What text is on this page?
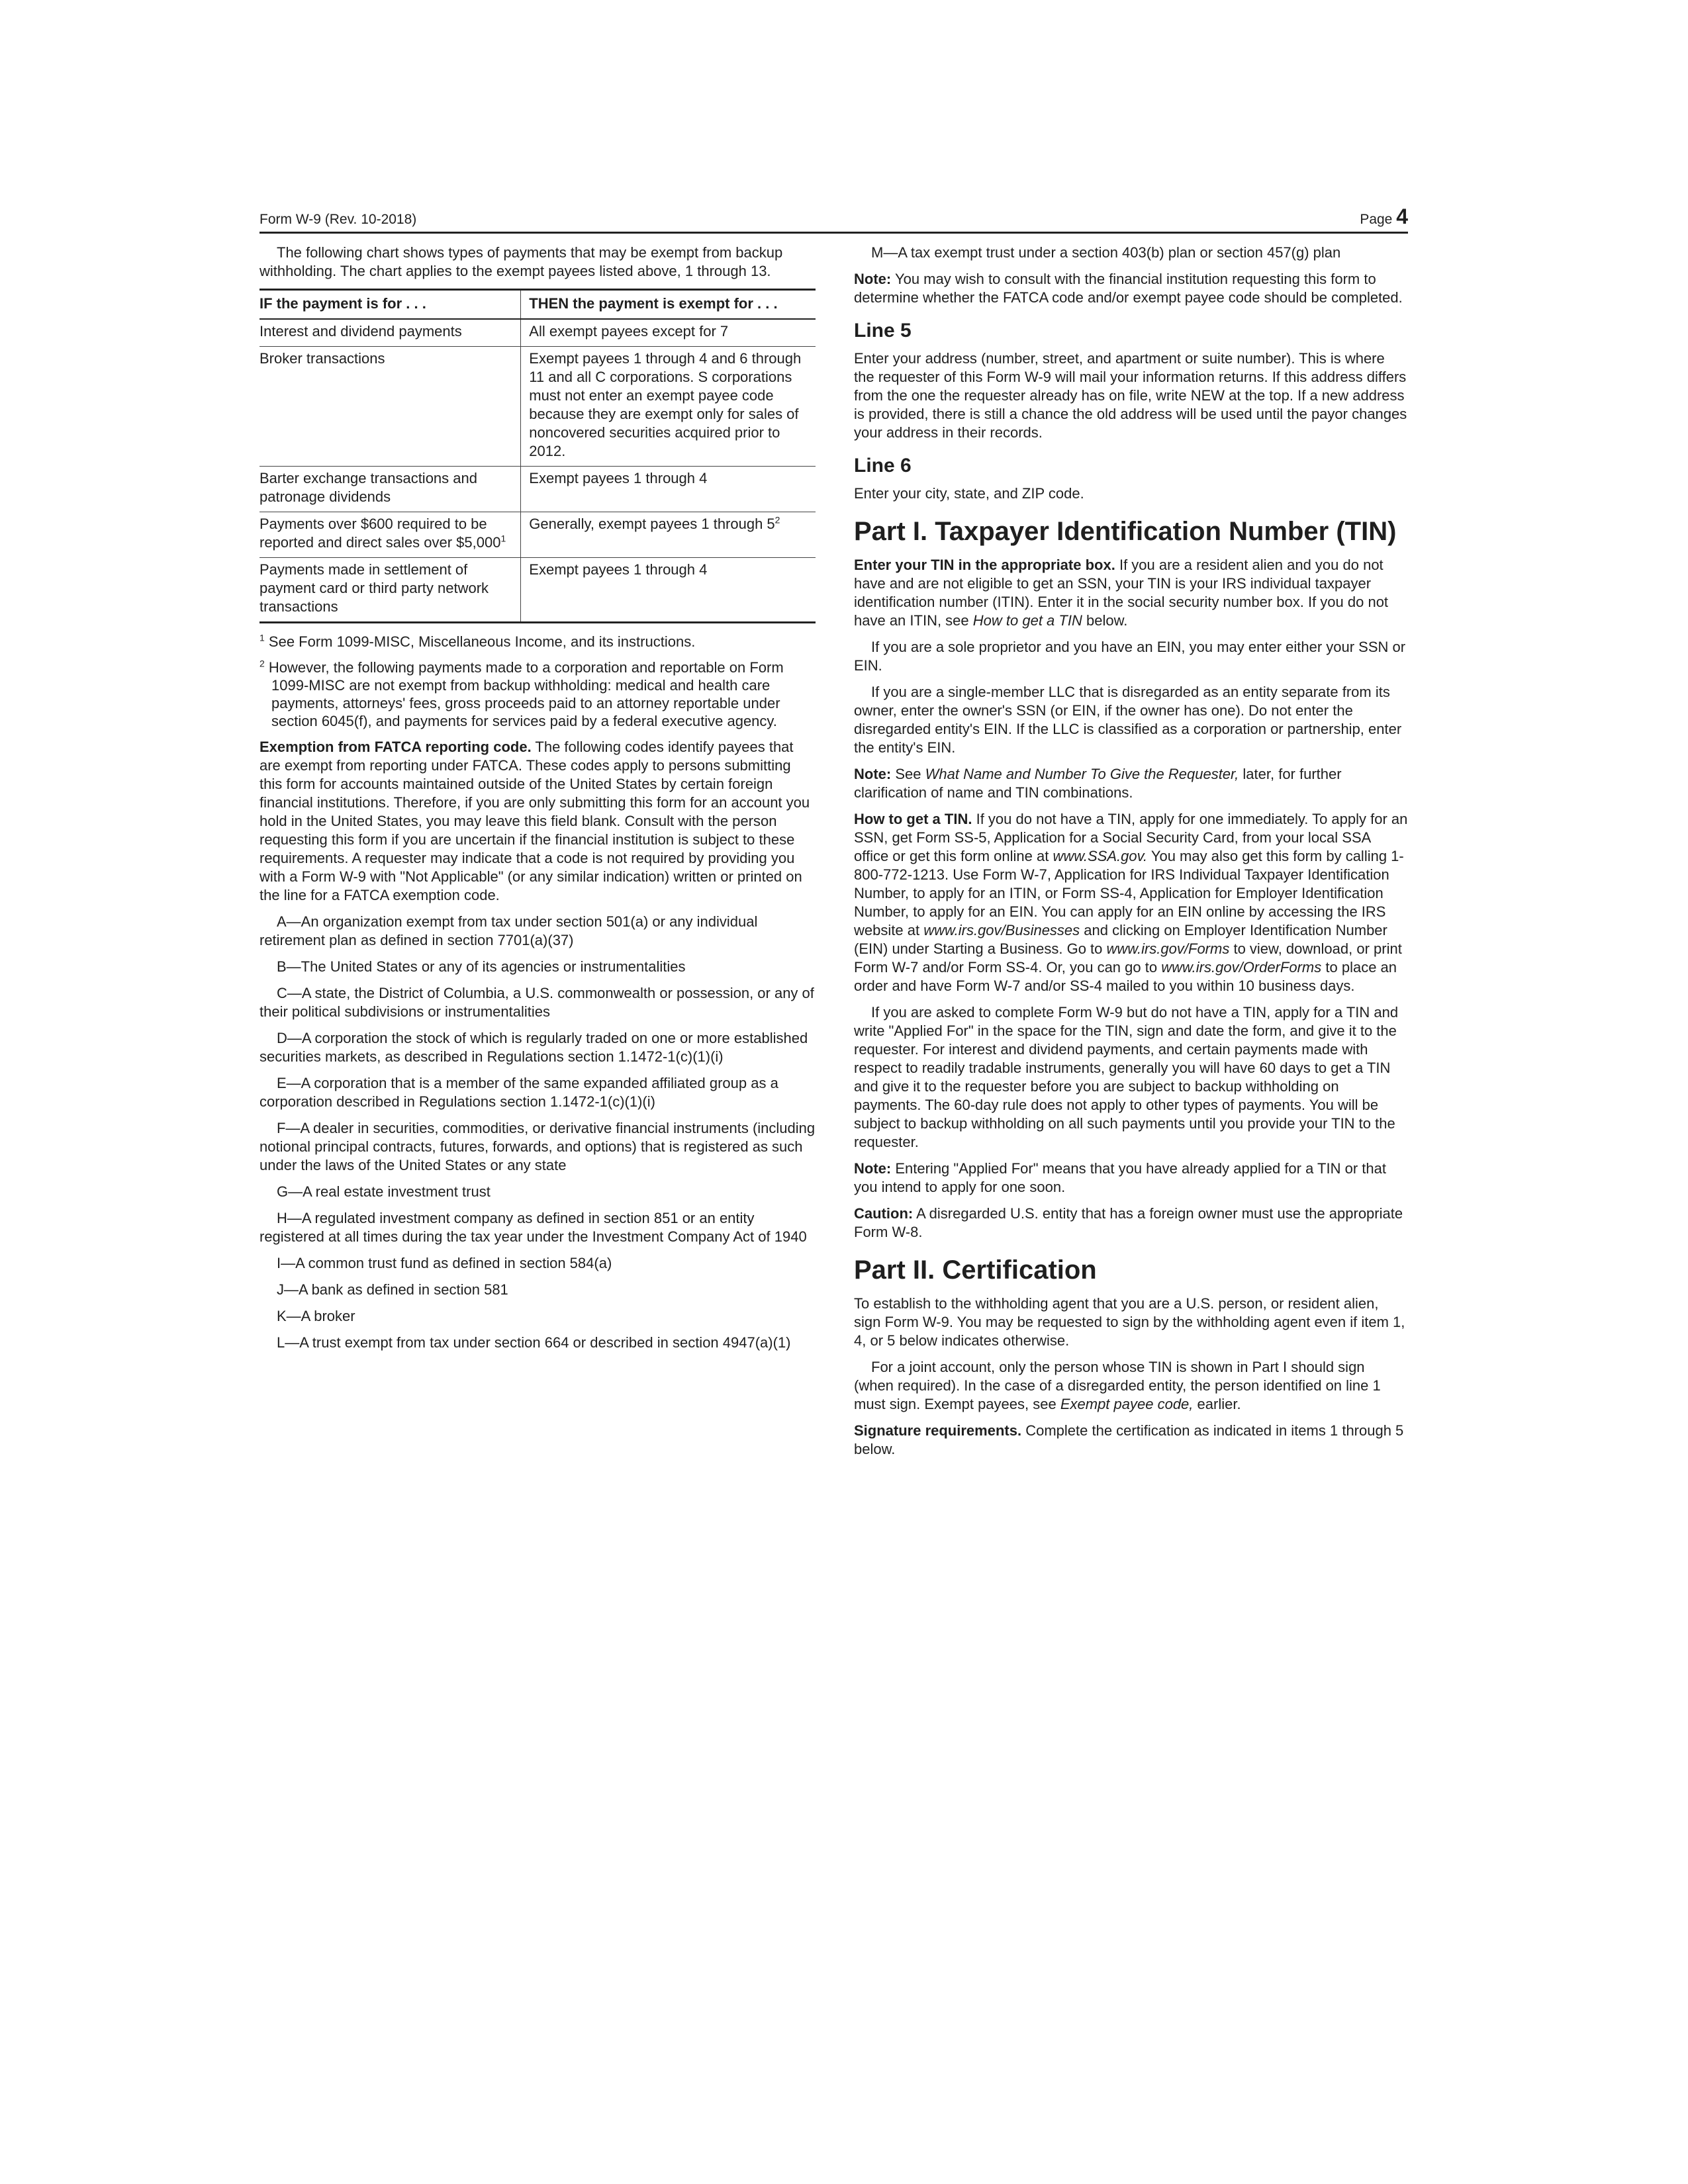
Form W-9 (Rev. 10-2018)	Page 4

The following chart shows types of payments that may be exempt from backup withholding. The chart applies to the exempt payees listed above, 1 through 13.

IF the payment is for . . .	THEN the payment is exempt for . . .
Interest and dividend payments	All exempt payees except for 7
Broker transactions	Exempt payees 1 through 4 and 6 through 11 and all C corporations. S corporations must not enter an exempt payee code because they are exempt only for sales of noncovered securities acquired prior to 2012.
Barter exchange transactions and patronage dividends	Exempt payees 1 through 4
Payments over $600 required to be reported and direct sales over $5,000$^1$	Generally, exempt payees 1 through $5^2$
Payments made in settlement of payment card or third party network transactions	Exempt payees 1 through 4

$^1$ See Form 1099-MISC, Miscellaneous Income, and its instructions.

$^2$ However, the following payments made to a corporation and reportable on Form 1099-MISC are not exempt from backup withholding: medical and health care payments, attorneys' fees, gross proceeds paid to an attorney reportable under section 6045(f), and payments for services paid by a federal executive agency.

Exemption from FATCA reporting code. The following codes identify payees that are exempt from reporting under FATCA. These codes apply to persons submitting this form for accounts maintained outside of the United States by certain foreign financial institutions. Therefore, if you are only submitting this form for an account you hold in the United States, you may leave this field blank. Consult with the person requesting this form if you are uncertain if the financial institution is subject to these requirements. A requester may indicate that a code is not required by providing you with a Form W-9 with "Not Applicable" (or any similar indication) written or printed on the line for a FATCA exemption code.

A—An organization exempt from tax under section 501(a) or any individual retirement plan as defined in section 7701(a)(37)

B—The United States or any of its agencies or instrumentalities

C—A state, the District of Columbia, a U.S. commonwealth or possession, or any of their political subdivisions or instrumentalities

D—A corporation the stock of which is regularly traded on one or more established securities markets, as described in Regulations section 1.1472-1(c)(1)(i)

E—A corporation that is a member of the same expanded affiliated group as a corporation described in Regulations section 1.1472-1(c)(1)(i)

F—A dealer in securities, commodities, or derivative financial instruments (including notional principal contracts, futures, forwards, and options) that is registered as such under the laws of the United States or any state

G—A real estate investment trust

H—A regulated investment company as defined in section 851 or an entity registered at all times during the tax year under the Investment Company Act of 1940

I—A common trust fund as defined in section 584(a)

J—A bank as defined in section 581

K—A broker

L—A trust exempt from tax under section 664 or described in section 4947(a)(1)

M—A tax exempt trust under a section 403(b) plan or section 457(g) plan

Note: You may wish to consult with the financial institution requesting this form to determine whether the FATCA code and/or exempt payee code should be completed.

Line 5

Enter your address (number, street, and apartment or suite number). This is where the requester of this Form W-9 will mail your information returns. If this address differs from the one the requester already has on file, write NEW at the top. If a new address is provided, there is still a chance the old address will be used until the payor changes your address in their records.

Line 6

Enter your city, state, and ZIP code.

Part I. Taxpayer Identification Number (TIN)

Enter your TIN in the appropriate box. If you are a resident alien and you do not have and are not eligible to get an SSN, your TIN is your IRS individual taxpayer identification number (ITIN). Enter it in the social security number box. If you do not have an ITIN, see How to get a TIN below.

If you are a sole proprietor and you have an EIN, you may enter either your SSN or EIN.

If you are a single-member LLC that is disregarded as an entity separate from its owner, enter the owner's SSN (or EIN, if the owner has one). Do not enter the disregarded entity's EIN. If the LLC is classified as a corporation or partnership, enter the entity's EIN.

Note: See What Name and Number To Give the Requester, later, for further clarification of name and TIN combinations.

How to get a TIN. If you do not have a TIN, apply for one immediately. To apply for an SSN, get Form SS-5, Application for a Social Security Card, from your local SSA office or get this form online at www.SSA.gov. You may also get this form by calling 1-800-772-1213. Use Form W-7, Application for IRS Individual Taxpayer Identification Number, to apply for an ITIN, or Form SS-4, Application for Employer Identification Number, to apply for an EIN. You can apply for an EIN online by accessing the IRS website at www.irs.gov/Businesses and clicking on Employer Identification Number (EIN) under Starting a Business. Go to www.irs.gov/Forms to view, download, or print Form W-7 and/or Form SS-4. Or, you can go to www.irs.gov/OrderForms to place an order and have Form W-7 and/or SS-4 mailed to you within 10 business days.

If you are asked to complete Form W-9 but do not have a TIN, apply for a TIN and write "Applied For" in the space for the TIN, sign and date the form, and give it to the requester. For interest and dividend payments, and certain payments made with respect to readily tradable instruments, generally you will have 60 days to get a TIN and give it to the requester before you are subject to backup withholding on payments. The 60-day rule does not apply to other types of payments. You will be subject to backup withholding on all such payments until you provide your TIN to the requester.

Note: Entering "Applied For" means that you have already applied for a TIN or that you intend to apply for one soon.

Caution: A disregarded U.S. entity that has a foreign owner must use the appropriate Form W-8.

Part II. Certification

To establish to the withholding agent that you are a U.S. person, or resident alien, sign Form W-9. You may be requested to sign by the withholding agent even if item 1, 4, or 5 below indicates otherwise.

For a joint account, only the person whose TIN is shown in Part I should sign (when required). In the case of a disregarded entity, the person identified on line 1 must sign. Exempt payees, see Exempt payee code, earlier.

Signature requirements. Complete the certification as indicated in items 1 through 5 below.
